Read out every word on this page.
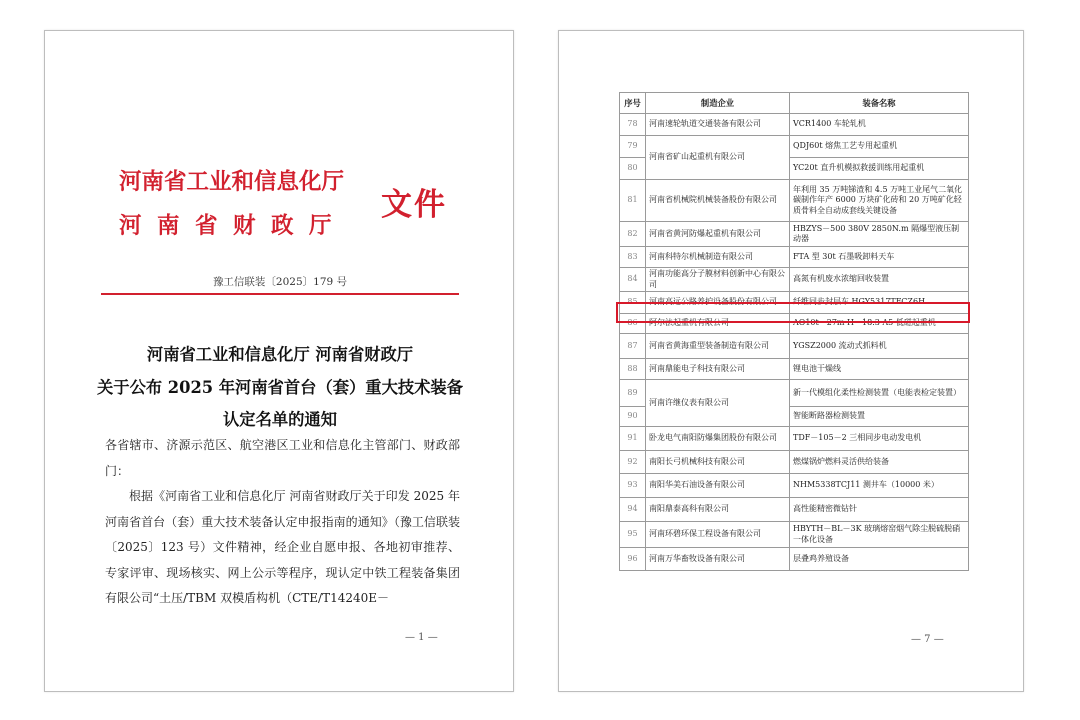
河南省工业和信息化厅
河南省财政厅
文件
豫工信联装〔2025〕179 号
河南省工业和信息化厅 河南省财政厅
关于公布 2025 年河南省首台（套）重大技术装备
认定名单的通知

各省辖市、济源示范区、航空港区工业和信息化主管部门、财政部门：

根据《河南省工业和信息化厅 河南省财政厅关于印发 2025 年河南省首台（套）重大技术装备认定申报指南的通知》（豫工信联装〔2025〕123 号）文件精神，经企业自愿申报、各地初审推荐、专家评审、现场核实、网上公示等程序，现认定中铁工程装备集团有限公司“土压/TBM 双模盾构机（CTE/T14240E－

— 1 —
序号	制造企业	装备名称
78	河南速轮轨道交通装备有限公司	VCR1400 车轮轧机
79	河南省矿山起重机有限公司	QDJ60t 熔焦工艺专用起重机
80		YC20t 直升机模拟救援训练用起重机
81	河南省机械院机械装备股份有限公司	年利用 35 万吨锑渣和 4.5 万吨工业尾气二氧化碳制作年产 6000 万块矿化砖和 20 万吨矿化轻质骨料全自动成套线关键设备
82	河南省黄河防爆起重机有限公司	HBZYS－500 380V 2850N.m 隔爆型液压制动器
83	河南科特尔机械制造有限公司	FTA 型 30t 石墨吸卸料天车
84	河南功能高分子膜材料创新中心有限公司	高氮有机废水浓缩回收装置
85	河南高远公路养护设备股份有限公司	纤维同步封层车 HGY5317TFCZ6H
86	阿尔法起重机有限公司	AO10t－27m H＝18.3 A5 低磁起重机
87	河南省黄海重型装备制造有限公司	YGSZ2000 流动式抓料机
88	河南鼎能电子科技有限公司	锂电池干燥线
89	河南许继仪表有限公司	新一代模组化柔性检测装置（电能表检定装置）
90		智能断路器检测装置
91	卧龙电气南阳防爆集团股份有限公司	TDF－105－2 三相同步电动发电机
92	南阳长弓机械科技有限公司	燃煤锅炉燃料灵活供给装备
93	南阳华美石油设备有限公司	NHM5338TCJ11 测井车（10000 米）
94	南阳鼎泰高科有限公司	高性能精密微钻针
95	河南环碧环保工程设备有限公司	HBYTH－BL－3K 玻璃熔窑烟气除尘脱硫脱硝一体化设备
96	河南万华畜牧设备有限公司	层叠鸡养殖设备
— 7 —
